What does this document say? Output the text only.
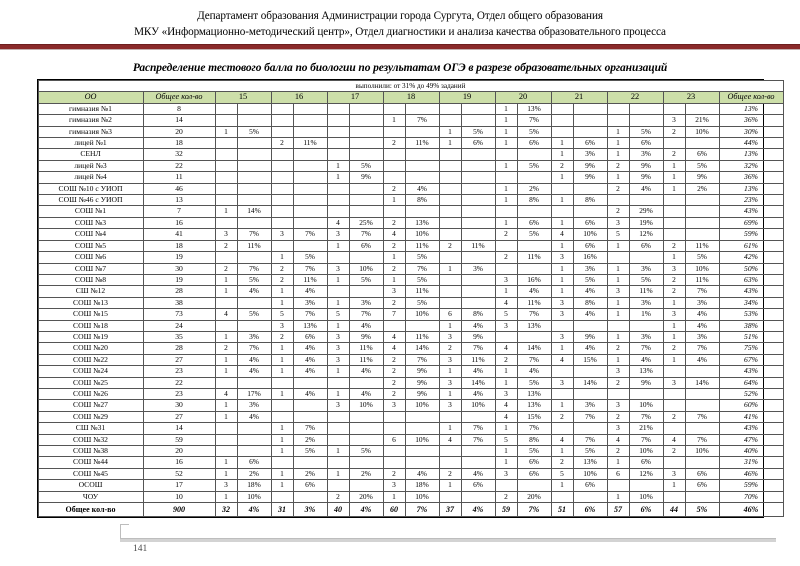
Департамент образования Администрации города Сургута, Отдел общего образования
МКУ «Информационно-методический центр», Отдел диагностики и анализа качества образовательного процесса
Распределение тестового балла по биологии по результатам ОГЭ в разрезе образовательных организаций
выполнили: от 31% до 49% заданий																				
ОО	Общее кол-во	15		16		17		18		19		20		21		22		23		Общее кол-во
гимназия №1	8											1	13%							13%
гимназия №2	14							1	7%			1	7%					3	21%	36%
гимназия №3	20	1	5%							1	5%	1	5%			1	5%	2	10%	30%
лицей №1	18			2	11%			2	11%	1	6%	1	6%	1	6%	1	6%			44%
СЕНЛ	32													1	3%	1	3%	2	6%	13%
лицей №3	22					1	5%					1	5%	2	9%	2	9%	1	5%	32%
лицей №4	11					1	9%							1	9%	1	9%	1	9%	36%
СОШ №10 с УИОП	46							2	4%			1	2%			2	4%	1	2%	13%
СОШ №46 с УИОП	13							1	8%			1	8%	1	8%					23%
СОШ №1	7	1	14%													2	29%			43%
СОШ №3	16					4	25%	2	13%			1	6%	1	6%	3	19%			69%
СОШ №4	41	3	7%	3	7%	3	7%	4	10%			2	5%	4	10%	5	12%			59%
СОШ №5	18	2	11%			1	6%	2	11%	2	11%			1	6%	1	6%	2	11%	61%
СОШ №6	19			1	5%			1	5%			2	11%	3	16%			1	5%	42%
СОШ №7	30	2	7%	2	7%	3	10%	2	7%	1	3%			1	3%	1	3%	3	10%	50%
СОШ №8	19	1	5%	2	11%	1	5%	1	5%			3	16%	1	5%	1	5%	2	11%	63%
СШ №12	28	1	4%	1	4%			3	11%			1	4%	1	4%	3	11%	2	7%	43%
СОШ №13	38			1	3%	1	3%	2	5%			4	11%	3	8%	1	3%	1	3%	34%
СОШ №15	73	4	5%	5	7%	5	7%	7	10%	6	8%	5	7%	3	4%	1	1%	3	4%	53%
СОШ №18	24			3	13%	1	4%			1	4%	3	13%					1	4%	38%
СОШ №19	35	1	3%	2	6%	3	9%	4	11%	3	9%			3	9%	1	3%	1	3%	51%
СОШ №20	28	2	7%	1	4%	3	11%	4	14%	2	7%	4	14%	1	4%	2	7%	2	7%	75%
СОШ №22	27	1	4%	1	4%	3	11%	2	7%	3	11%	2	7%	4	15%	1	4%	1	4%	67%
СОШ №24	23	1	4%	1	4%	1	4%	2	9%	1	4%	1	4%			3	13%			43%
СОШ №25	22							2	9%	3	14%	1	5%	3	14%	2	9%	3	14%	64%
СОШ №26	23	4	17%	1	4%	1	4%	2	9%	1	4%	3	13%							52%
СОШ №27	30	1	3%			3	10%	3	10%	3	10%	4	13%	1	3%	3	10%			60%
СОШ №29	27	1	4%									4	15%	2	7%	2	7%	2	7%	41%
СШ №31	14			1	7%					1	7%	1	7%			3	21%			43%
СОШ №32	59			1	2%			6	10%	4	7%	5	8%	4	7%	4	7%	4	7%	47%
СОШ №38	20			1	5%	1	5%					1	5%	1	5%	2	10%	2	10%	40%
СОШ №44	16	1	6%									1	6%	2	13%	1	6%			31%
СОШ №45	52	1	2%	1	2%	1	2%	2	4%	2	4%	3	6%	5	10%	6	12%	3	6%	46%
ОСОШ	17	3	18%	1	6%			3	18%	1	6%			1	6%			1	6%	59%
ЧОУ	10	1	10%			2	20%	1	10%			2	20%			1	10%			70%
Общее кол-во	900	32	4%	31	3%	40	4%	60	7%	37	4%	59	7%	51	6%	57	6%	44	5%	46%
141
